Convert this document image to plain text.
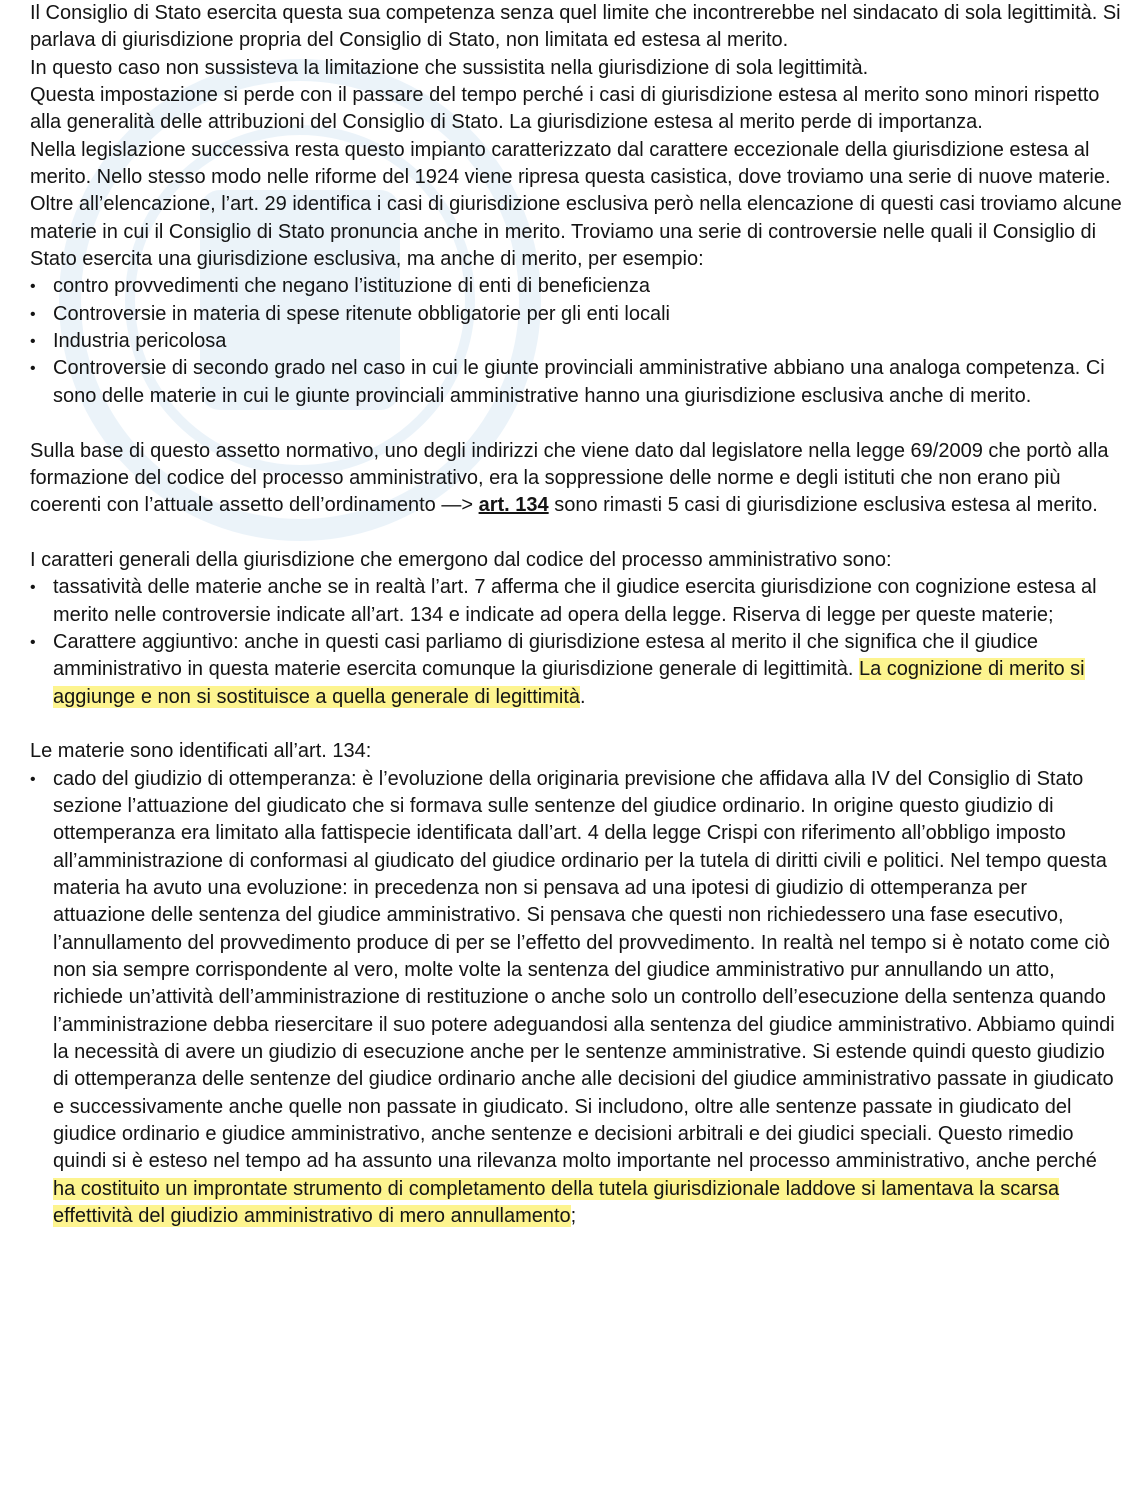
Il Consiglio di Stato esercita questa sua competenza senza quel limite che incontrerebbe nel sindacato di sola legittimità. Si parlava di giurisdizione propria del Consiglio di Stato, non limitata ed estesa al merito.

In questo caso non sussisteva la limitazione che sussistita nella giurisdizione di sola legittimità.

Questa impostazione si perde con il passare del tempo perché i casi di giurisdizione estesa al merito sono minori rispetto alla generalità delle attribuzioni del Consiglio di Stato. La giurisdizione estesa al merito perde di importanza.

Nella legislazione successiva resta questo impianto caratterizzato dal carattere eccezionale della giurisdizione estesa al merito. Nello stesso modo nelle riforme del 1924 viene ripresa questa casistica, dove troviamo una serie di nuove materie.

Oltre all’elencazione, l’art. 29 identifica i casi di giurisdizione esclusiva però nella elencazione di questi casi troviamo alcune materie in cui il Consiglio di Stato pronuncia anche in merito. Troviamo una serie di controversie nelle quali il Consiglio di Stato esercita una giurisdizione esclusiva, ma anche di merito, per esempio:

• contro provvedimenti che negano l’istituzione di enti di beneficienza
• Controversie in materia di spese ritenute obbligatorie per gli enti locali
• Industria pericolosa
• Controversie di secondo grado nel caso in cui le giunte provinciali amministrative abbiano una analoga competenza. Ci sono delle materie in cui le giunte provinciali amministrative hanno una giurisdizione esclusiva anche di merito.

Sulla base di questo assetto normativo, uno degli indirizzi che viene dato dal legislatore nella legge 69/2009 che portò alla formazione del codice del processo amministrativo, era la soppressione delle norme e degli istituti che non erano più coerenti con l’attuale assetto dell’ordinamento —> art. 134 sono rimasti 5 casi di giurisdizione esclusiva estesa al merito.

I caratteri generali della giurisdizione che emergono dal codice del processo amministrativo sono:

• tassatività delle materie anche se in realtà l’art. 7 afferma che il giudice esercita giurisdizione con cognizione estesa al merito nelle controversie indicate all’art. 134 e indicate ad opera della legge. Riserva di legge per queste materie;
• Carattere aggiuntivo: anche in questi casi parliamo di giurisdizione estesa al merito il che significa che il giudice amministrativo in questa materie esercita comunque la giurisdizione generale di legittimità. La cognizione di merito si aggiunge e non si sostituisce a quella generale di legittimità.

Le materie sono identificati all’art. 134:

• cado del giudizio di ottemperanza: è l’evoluzione della originaria previsione che affidava alla IV del Consiglio di Stato sezione l’attuazione del giudicato che si formava sulle sentenze del giudice ordinario. In origine questo giudizio di ottemperanza era limitato alla fattispecie identificata dall’art. 4 della legge Crispi con riferimento all’obbligo imposto all’amministrazione di conformasi al giudicato del giudice ordinario per la tutela di diritti civili e politici. Nel tempo questa materia ha avuto una evoluzione: in precedenza non si pensava ad una ipotesi di giudizio di ottemperanza per attuazione delle sentenza del giudice amministrativo. Si pensava che questi non richiedessero una fase esecutivo, l’annullamento del provvedimento produce di per se l’effetto del provvedimento. In realtà nel tempo si è notato come ciò non sia sempre corrispondente al vero, molte volte la sentenza del giudice amministrativo pur annullando un atto, richiede un’attività dell’amministrazione di restituzione o anche solo un controllo dell’esecuzione della sentenza quando l’amministrazione debba riesercitare il suo potere adeguandosi alla sentenza del giudice amministrativo. Abbiamo quindi la necessità di avere un giudizio di esecuzione anche per le sentenze amministrative. Si estende quindi questo giudizio di ottemperanza delle sentenze del giudice ordinario anche alle decisioni del giudice amministrativo passate in giudicato e successivamente anche quelle non passate in giudicato. Si includono, oltre alle sentenze passate in giudicato del giudice ordinario e giudice amministrativo, anche sentenze e decisioni arbitrali e dei giudici speciali. Questo rimedio quindi si è esteso nel tempo ad ha assunto una rilevanza molto importante nel processo amministrativo, anche perché ha costituito un improntate strumento di completamento della tutela giurisdizionale laddove si lamentava la scarsa effettività del giudizio amministrativo di mero annullamento;
